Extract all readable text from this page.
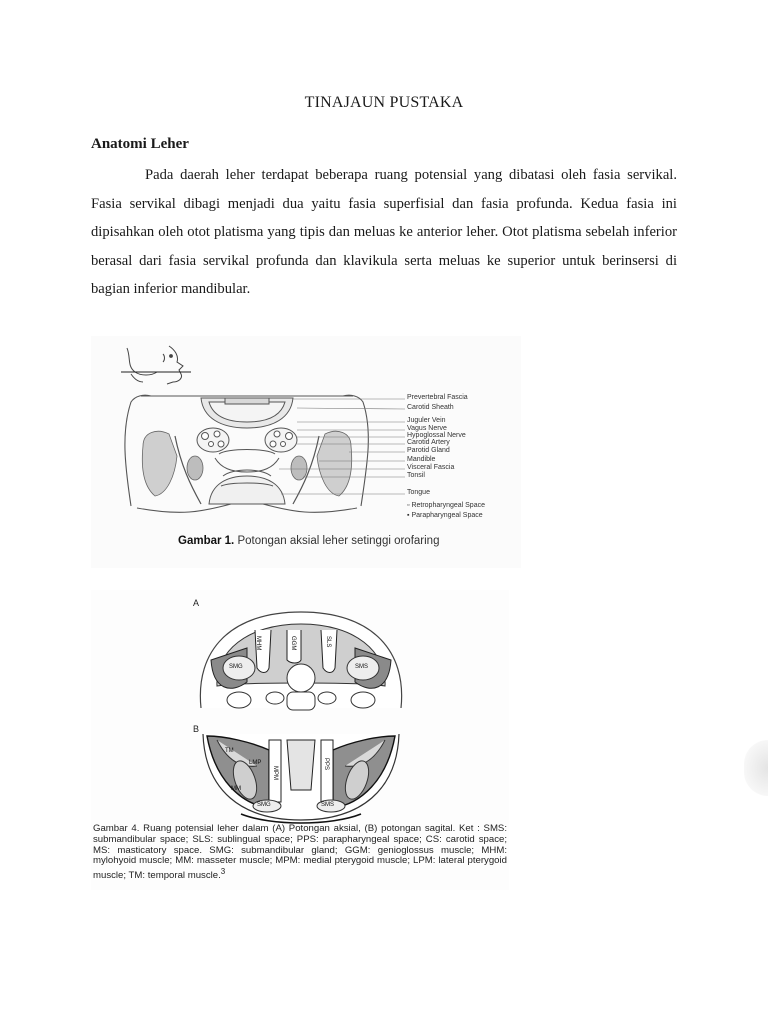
TINAJAUN PUSTAKA
Anatomi Leher

Pada daerah leher terdapat beberapa ruang potensial yang dibatasi oleh fasia servikal. Fasia servikal dibagi menjadi dua yaitu fasia superfisial dan fasia profunda. Kedua fasia ini dipisahkan oleh otot platisma yang tipis dan meluas ke anterior leher. Otot platisma sebelah inferior berasal dari fasia servikal profunda dan klavikula serta meluas ke superior untuk berinsersi di bagian inferior mandibular.

Prevertebral Fascia
Carotid Sheath
Juguler Vein
Vagus Nerve
Hypoglossal Nerve
Carotid Artery
Parotid Gland
Mandible
Visceral Fascia
Tonsil
Tongue
▫ Retropharyngeal Space
▪ Parapharyngeal Space
Gambar 1. Potongan aksial leher setinggi orofaring
A
B
MHM	GGM	SLS
SMG	SMS
TM
LMP
MPM
MM
SMG	SMS
PPS
Gambar 4. Ruang potensial leher dalam (A) Potongan aksial, (B) potongan sagital. Ket : SMS: submandibular space; SLS: sublingual space; PPS: parapharyngeal space; CS: carotid space; MS: masticatory space. SMG: submandibular gland; GGM: genioglossus muscle; MHM: mylohyoid muscle; MM: masseter muscle; MPM: medial pterygoid muscle; LPM: lateral pterygoid muscle; TM: temporal muscle.$^3$
